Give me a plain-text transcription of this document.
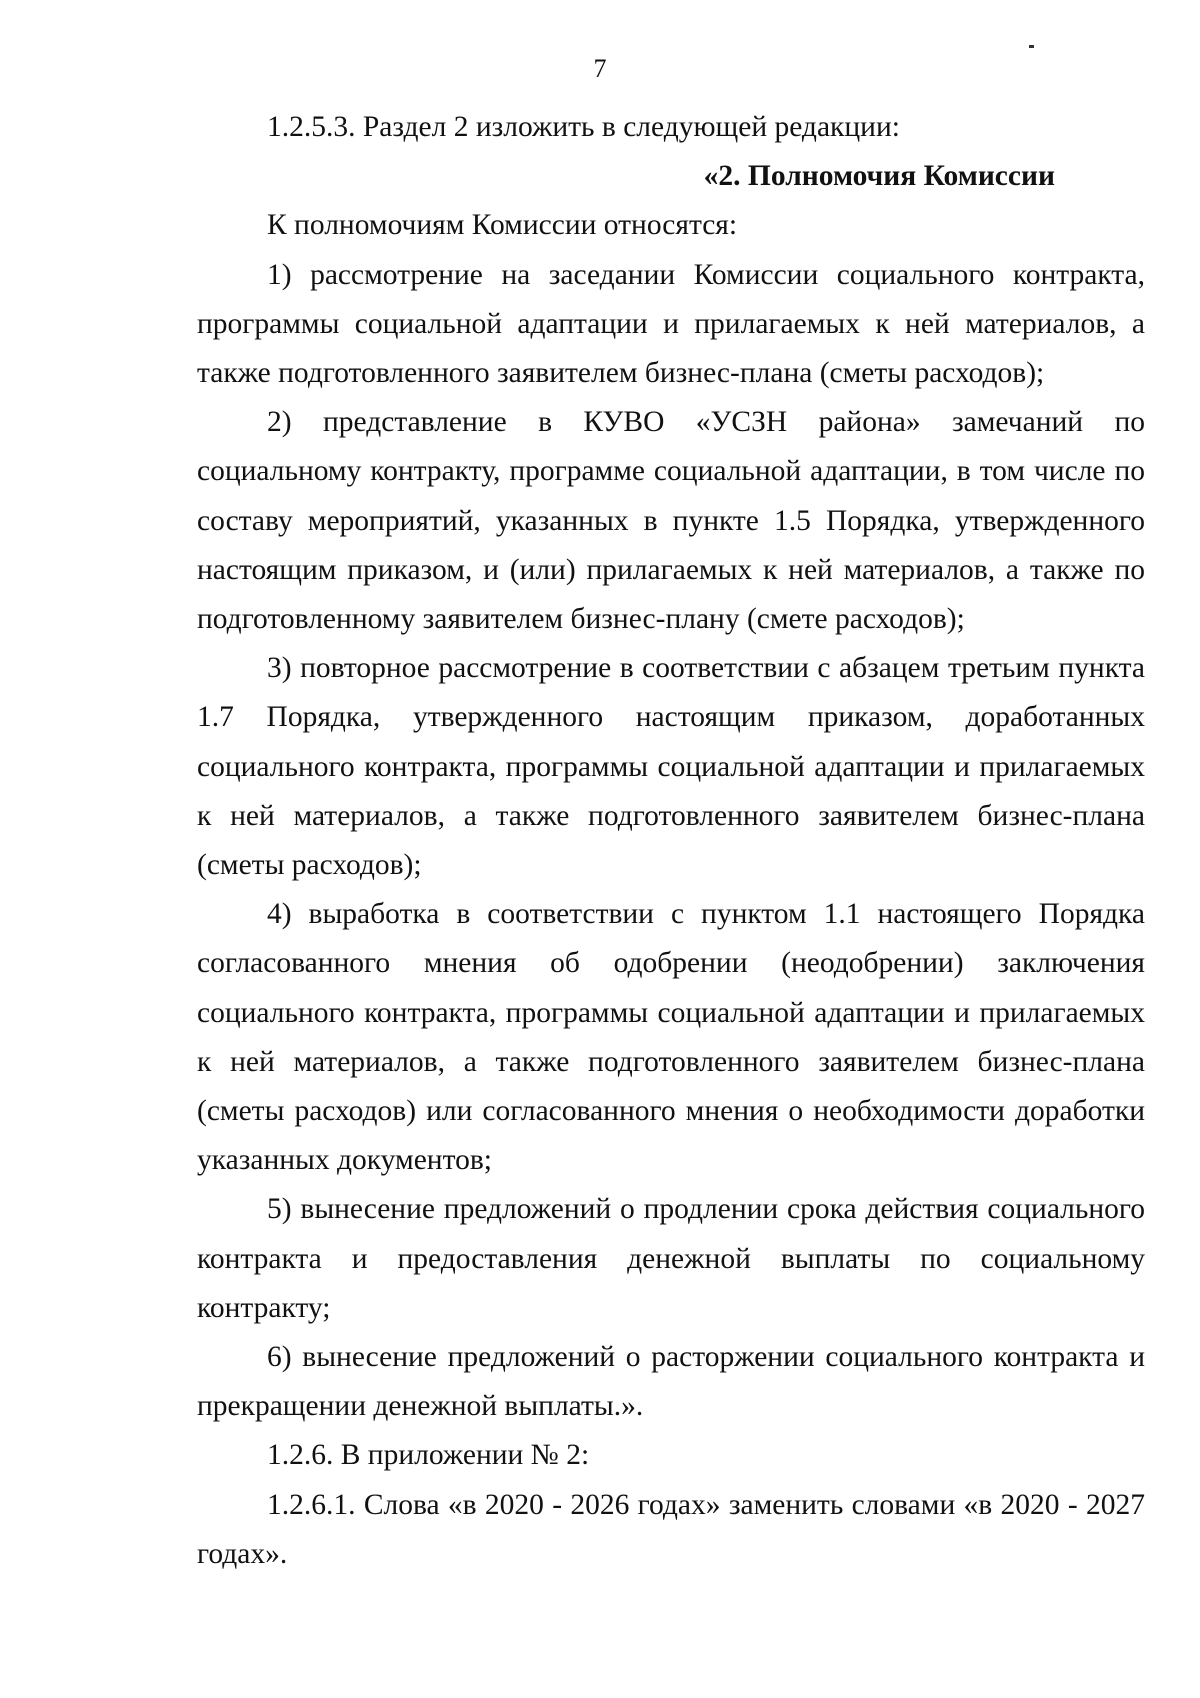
7

1.2.5.3. Раздел 2 изложить в следующей редакции:

«2. Полномочия Комиссии

К полномочиям Комиссии относятся:

1) рассмотрение на заседании Комиссии социального контракта, программы социальной адаптации и прилагаемых к ней материалов, а также подготовленного заявителем бизнес-плана (сметы расходов);

2) представление в КУВО «УСЗН района» замечаний по социальному контракту, программе социальной адаптации, в том числе по составу мероприятий, указанных в пункте 1.5 Порядка, утвержденного настоящим приказом, и (или) прилагаемых к ней материалов, а также по подготовленному заявителем бизнес-плану (смете расходов);

3) повторное рассмотрение в соответствии с абзацем третьим пункта 1.7 Порядка, утвержденного настоящим приказом, доработанных социального контракта, программы социальной адаптации и прилагаемых к ней материалов, а также подготовленного заявителем бизнес-плана (сметы расходов);

4) выработка в соответствии с пунктом 1.1 настоящего Порядка согласованного мнения об одобрении (неодобрении) заключения социального контракта, программы социальной адаптации и прилагаемых к ней материалов, а также подготовленного заявителем бизнес-плана (сметы расходов) или согласованного мнения о необходимости доработки указанных документов;

5) вынесение предложений о продлении срока действия социального контракта и предоставления денежной выплаты по социальному контракту;

6) вынесение предложений о расторжении социального контракта и прекращении денежной выплаты.».

1.2.6. В приложении № 2:

1.2.6.1. Слова «в 2020 - 2026 годах» заменить словами «в 2020 - 2027 годах».
